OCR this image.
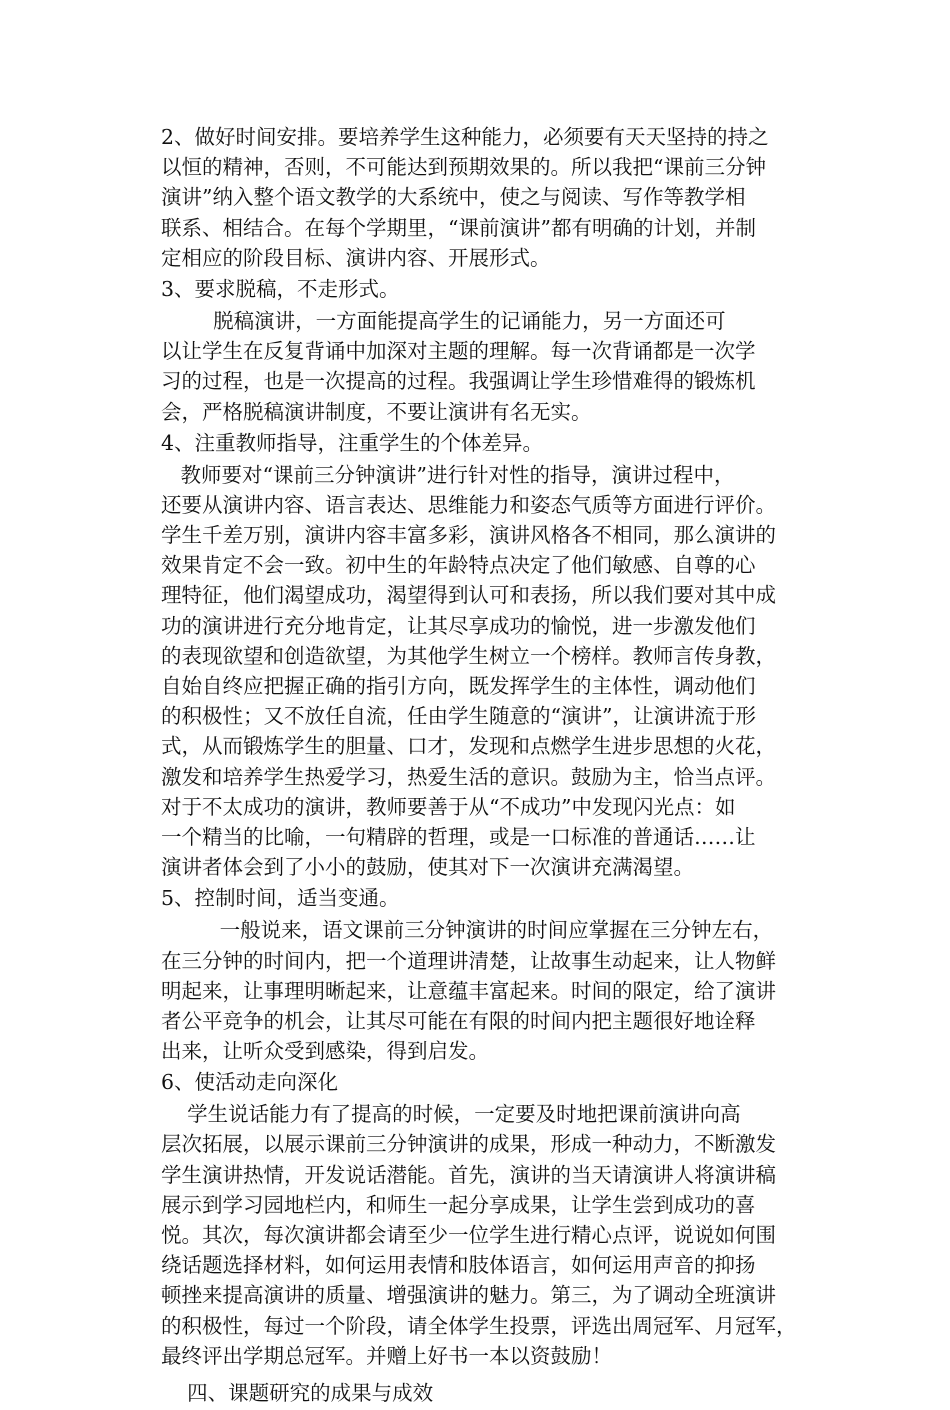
2、做好时间安排。要培养学生这种能力，必须要有天天坚持的持之
以恒的精神，否则，不可能达到预期效果的。所以我把“课前三分钟
演讲”纳入整个语文教学的大系统中，使之与阅读、写作等教学相
联系、相结合。在每个学期里，“课前演讲”都有明确的计划，并制
定相应的阶段目标、演讲内容、开展形式。
3、要求脱稿，不走形式。
脱稿演讲，一方面能提高学生的记诵能力，另一方面还可
以让学生在反复背诵中加深对主题的理解。每一次背诵都是一次学
习的过程，也是一次提高的过程。我强调让学生珍惜难得的锻炼机
会，严格脱稿演讲制度，不要让演讲有名无实。
4、注重教师指导，注重学生的个体差异。
教师要对“课前三分钟演讲”进行针对性的指导，演讲过程中，
还要从演讲内容、语言表达、思维能力和姿态气质等方面进行评价。
学生千差万别，演讲内容丰富多彩，演讲风格各不相同，那么演讲的
效果肯定不会一致。初中生的年龄特点决定了他们敏感、自尊的心
理特征，他们渴望成功，渴望得到认可和表扬，所以我们要对其中成
功的演讲进行充分地肯定，让其尽享成功的愉悦，进一步激发他们
的表现欲望和创造欲望，为其他学生树立一个榜样。教师言传身教，
自始自终应把握正确的指引方向，既发挥学生的主体性，调动他们
的积极性；又不放任自流，任由学生随意的“演讲”，让演讲流于形
式，从而锻炼学生的胆量、口才，发现和点燃学生进步思想的火花，
激发和培养学生热爱学习，热爱生活的意识。鼓励为主，恰当点评。
对于不太成功的演讲，教师要善于从“不成功”中发现闪光点：如
一个精当的比喻，一句精辟的哲理，或是一口标准的普通话……让
演讲者体会到了小小的鼓励，使其对下一次演讲充满渴望。
5、控制时间，适当变通。
一般说来，语文课前三分钟演讲的时间应掌握在三分钟左右，
在三分钟的时间内，把一个道理讲清楚，让故事生动起来，让人物鲜
明起来，让事理明晰起来，让意蕴丰富起来。时间的限定，给了演讲
者公平竞争的机会，让其尽可能在有限的时间内把主题很好地诠释
出来，让听众受到感染，得到启发。
6、使活动走向深化
学生说话能力有了提高的时候，一定要及时地把课前演讲向高
层次拓展，以展示课前三分钟演讲的成果，形成一种动力，不断激发
学生演讲热情，开发说话潜能。首先，演讲的当天请演讲人将演讲稿
展示到学习园地栏内，和师生一起分享成果，让学生尝到成功的喜
悦。其次，每次演讲都会请至少一位学生进行精心点评，说说如何围
绕话题选择材料，如何运用表情和肢体语言，如何运用声音的抑扬
顿挫来提高演讲的质量、增强演讲的魅力。第三，为了调动全班演讲
的积极性，每过一个阶段，请全体学生投票，评选出周冠军、月冠军，
最终评出学期总冠军。并赠上好书一本以资鼓励！
四、课题研究的成果与成效
